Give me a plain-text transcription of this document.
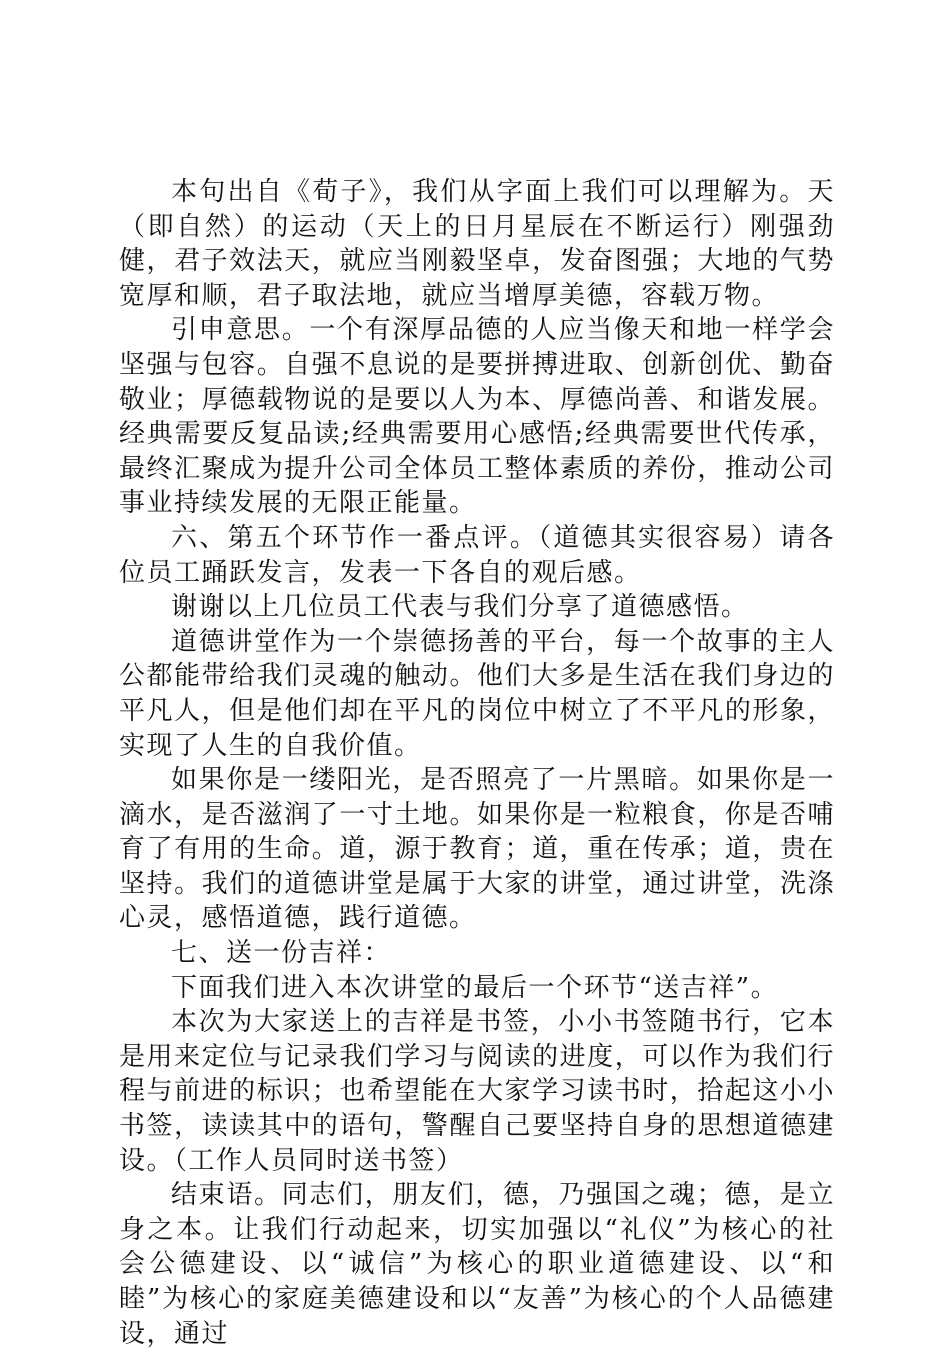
本句出自《荀子》，我们从字面上我们可以理解为。天（即自然）的运动（天上的日月星辰在不断运行）刚强劲健，君子效法天，就应当刚毅坚卓，发奋图强；大地的气势宽厚和顺，君子取法地，就应当增厚美德，容载万物。

引申意思。一个有深厚品德的人应当像天和地一样学会坚强与包容。自强不息说的是要拼搏进取、创新创优、勤奋敬业；厚德载物说的是要以人为本、厚德尚善、和谐发展。经典需要反复品读;经典需要用心感悟;经典需要世代传承，最终汇聚成为提升公司全体员工整体素质的养份，推动公司事业持续发展的无限正能量。

六、第五个环节作一番点评。（道德其实很容易）请各位员工踊跃发言，发表一下各自的观后感。

谢谢以上几位员工代表与我们分享了道德感悟。

道德讲堂作为一个崇德扬善的平台，每一个故事的主人公都能带给我们灵魂的触动。他们大多是生活在我们身边的平凡人，但是他们却在平凡的岗位中树立了不平凡的形象，实现了人生的自我价值。

如果你是一缕阳光，是否照亮了一片黑暗。如果你是一滴水，是否滋润了一寸土地。如果你是一粒粮食，你是否哺育了有用的生命。道，源于教育；道，重在传承；道，贵在坚持。我们的道德讲堂是属于大家的讲堂，通过讲堂，洗涤心灵，感悟道德，践行道德。

七、送一份吉祥：

下面我们进入本次讲堂的最后一个环节“送吉祥”。

本次为大家送上的吉祥是书签，小小书签随书行，它本是用来定位与记录我们学习与阅读的进度，可以作为我们行程与前进的标识；也希望能在大家学习读书时，拾起这小小书签，读读其中的语句，警醒自己要坚持自身的思想道德建设。（工作人员同时送书签）

结束语。同志们，朋友们，德，乃强国之魂；德，是立身之本。让我们行动起来，切实加强以“礼仪”为核心的社会公德建设、以“诚信”为核心的职业道德建设、以“和睦”为核心的家庭美德建设和以“友善”为核心的个人品德建设，通过
